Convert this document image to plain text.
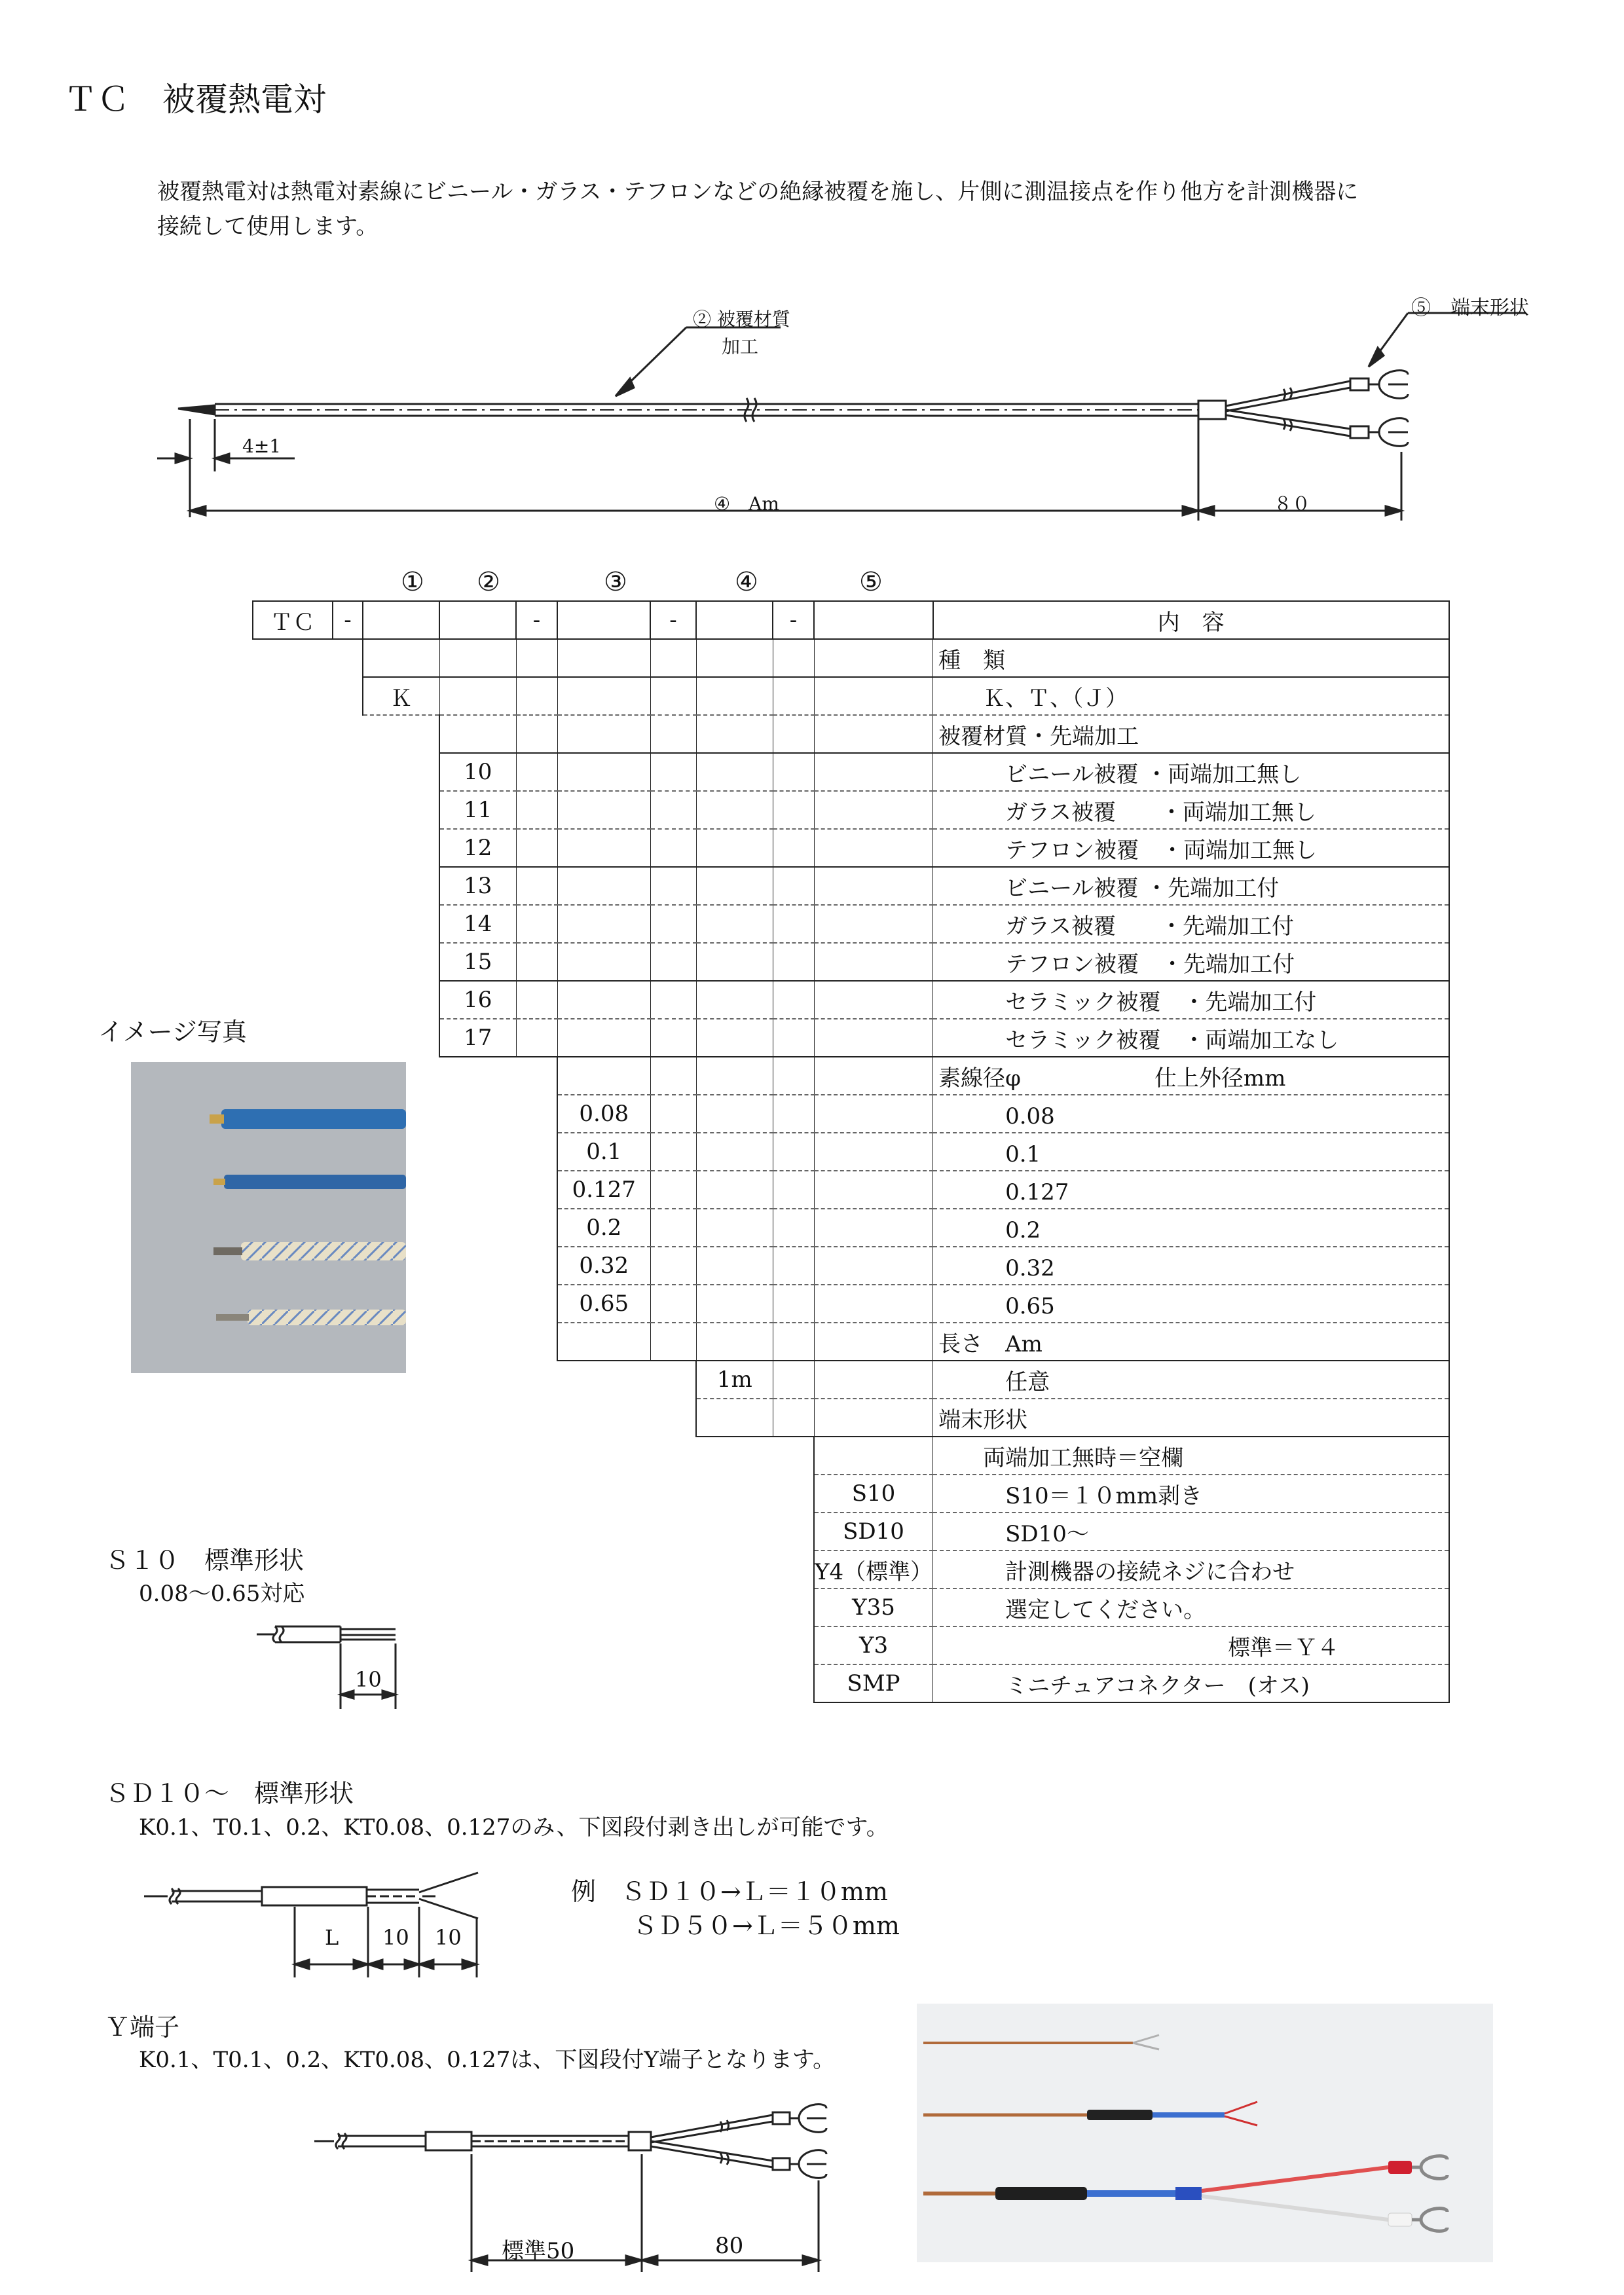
ＴＣ　被覆熱電対
被覆熱電対は熱電対素線にビニール・ガラス・テフロンなどの絶縁被覆を施し、片側に測温接点を作り他方を計測機器に
接続して使用します。
② 被覆材質
加工
⑤　端末形状
4±1
④　Am	８０
① ②	③	④	⑤
ＴＣ	-			-		-		-		内　容
										種　類
		Ｋ								　　Ｋ、Ｔ、（Ｊ）
										被覆材質・先端加工
			10							　　　ビニール被覆 ・両端加工無し
			11							　　　ガラス被覆　　・両端加工無し
			12							　　　テフロン被覆　・両端加工無し
			13							　　　ビニール被覆 ・先端加工付
			14							　　　ガラス被覆　　・先端加工付
			15							　　　テフロン被覆　・先端加工付
			16							　　　セラミック被覆　・先端加工付
			17							　　　セラミック被覆　・両端加工なし
										素線径φ　　　　　　仕上外径mm
					0.08					　　　0.08
					0.1					　　　0.1
					0.127					　　　0.127
					0.2					　　　0.2
					0.32					　　　0.32
					0.65					　　　0.65
										長さ　Am
							1m			　　　任意
										端末形状
										　　両端加工無時＝空欄
									S10	　　　S10＝１０mm剥き
									SD10	　　　SD10～
									Y4（標準）	　　　計測機器の接続ネジに合わせ
									Y35	　　　選定してください。
									Y3	　　　　　　　　　　　　　標準＝Ｙ４
									SMP	　　　ミニチュアコネクター　(オス)
イメージ写真
Ｓ１０　標準形状
0.08～0.65対応
10
ＳＤ１０～　標準形状
K0.1、T0.1、0.2、KT0.08、0.127のみ、下図段付剥き出しが可能です。
L 10 10
例　ＳＤ１０→Ｌ＝１０mm
ＳＤ５０→Ｌ＝５０mm
Ｙ端子
K0.1、T0.1、0.2、KT0.08、0.127は、下図段付Y端子となります。
標準50	80
